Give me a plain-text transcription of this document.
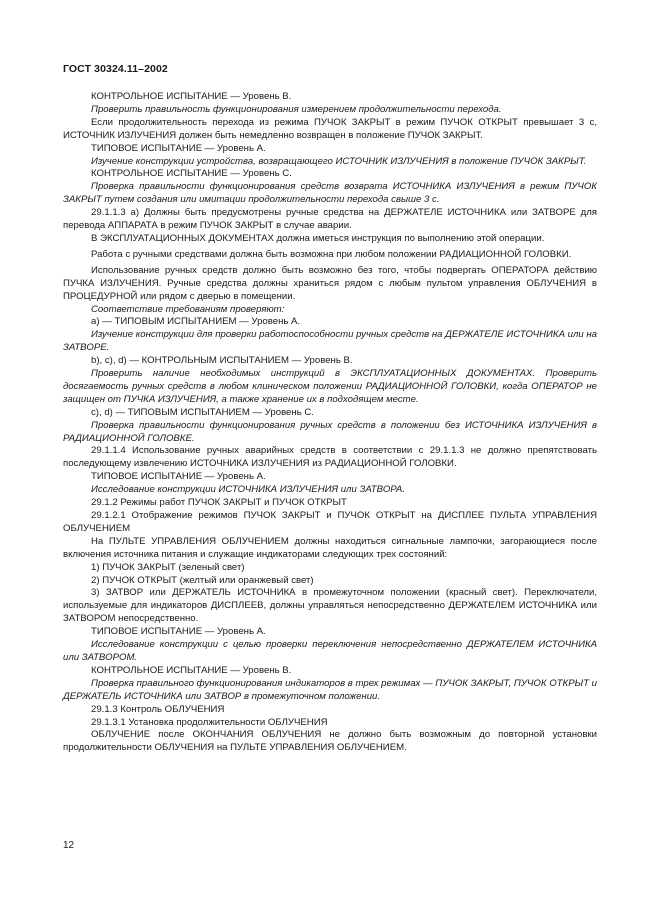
ГОСТ 30324.11–2002

КОНТРОЛЬНОЕ ИСПЫТАНИЕ — Уровень В.

Проверить правильность функционирования измерением продолжительности перехода.

Если продолжительность перехода из режима ПУЧОК ЗАКРЫТ в режим ПУЧОК ОТКРЫТ превышает 3 с, ИСТОЧНИК ИЗЛУЧЕНИЯ должен быть немедленно возвращен в положение ПУЧОК ЗАКРЫТ.

ТИПОВОЕ ИСПЫТАНИЕ — Уровень А.

Изучение конструкции устройства, возвращающего ИСТОЧНИК ИЗЛУЧЕНИЯ в положение ПУЧОК ЗАКРЫТ.

КОНТРОЛЬНОЕ ИСПЫТАНИЕ — Уровень С.

Проверка правильности функционирования средств возврата ИСТОЧНИКА ИЗЛУЧЕНИЯ в режим ПУЧОК ЗАКРЫТ путем создания или имитации продолжительности перехода свыше 3 с.

29.1.1.3 а) Должны быть предусмотрены ручные средства на ДЕРЖАТЕЛЕ ИСТОЧНИКА или ЗАТВОРЕ для перевода АППАРАТА в режим ПУЧОК ЗАКРЫТ в случае аварии.

В ЭКСПЛУАТАЦИОННЫХ ДОКУМЕНТАХ должна иметься инструкция по выполнению этой операции.

Работа с ручными средствами должна быть возможна при любом положении РАДИАЦИОННОЙ ГОЛОВКИ.

Использование ручных средств должно быть возможно без того, чтобы подвергать ОПЕРАТОРА действию ПУЧКА ИЗЛУЧЕНИЯ. Ручные средства должны храниться рядом с любым пультом управления ОБЛУЧЕНИЯ в ПРОЦЕДУРНОЙ или рядом с дверью в помещении.

Соответствие требованиям проверяют:

а) — ТИПОВЫМ ИСПЫТАНИЕМ — Уровень А.

Изучение конструкции для проверки работоспособности ручных средств на ДЕРЖАТЕЛЕ ИСТОЧНИКА или на ЗАТВОРЕ.

b), с), d) — КОНТРОЛЬНЫМ ИСПЫТАНИЕМ — Уровень В.

Проверить наличие необходимых инструкций в ЭКСПЛУАТАЦИОННЫХ ДОКУМЕНТАХ. Проверить досягаемость ручных средств в любом клиническом положении РАДИАЦИОННОЙ ГОЛОВКИ, когда ОПЕРАТОР не защищен от ПУЧКА ИЗЛУЧЕНИЯ, а также хранение их в подходящем месте.

с), d) — ТИПОВЫМ ИСПЫТАНИЕМ — Уровень С.

Проверка правильности функционирования ручных средств в положении без ИСТОЧНИКА ИЗЛУЧЕНИЯ в РАДИАЦИОННОЙ ГОЛОВКЕ.

29.1.1.4 Использование ручных аварийных средств в соответствии с 29.1.1.3 не должно препятствовать последующему извлечению ИСТОЧНИКА ИЗЛУЧЕНИЯ из РАДИАЦИОННОЙ ГОЛОВКИ.

ТИПОВОЕ ИСПЫТАНИЕ — Уровень А.

Исследование конструкции ИСТОЧНИКА ИЗЛУЧЕНИЯ или ЗАТВОРА.

29.1.2 Режимы работ ПУЧОК ЗАКРЫТ и ПУЧОК ОТКРЫТ

29.1.2.1 Отображение режимов ПУЧОК ЗАКРЫТ и ПУЧОК ОТКРЫТ на ДИСПЛЕЕ ПУЛЬТА УПРАВЛЕНИЯ ОБЛУЧЕНИЕМ

На ПУЛЬТЕ УПРАВЛЕНИЯ ОБЛУЧЕНИЕМ должны находиться сигнальные лампочки, загорающиеся после включения источника питания и служащие индикаторами следующих трех состояний:

1) ПУЧОК ЗАКРЫТ (зеленый свет)

2) ПУЧОК ОТКРЫТ (желтый или оранжевый свет)

3) ЗАТВОР или ДЕРЖАТЕЛЬ ИСТОЧНИКА в промежуточном положении (красный свет). Переключатели, используемые для индикаторов ДИСПЛЕЕВ, должны управляться непосредственно ДЕРЖАТЕЛЕМ ИСТОЧНИКА или ЗАТВОРОМ непосредственно.

ТИПОВОЕ ИСПЫТАНИЕ — Уровень А.

Исследование конструкции с целью проверки переключения непосредственно ДЕРЖАТЕЛЕМ ИСТОЧНИКА или ЗАТВОРОМ.

КОНТРОЛЬНОЕ ИСПЫТАНИЕ — Уровень В.

Проверка правильного функционирования индикаторов в трех режимах — ПУЧОК ЗАКРЫТ, ПУЧОК ОТКРЫТ и ДЕРЖАТЕЛЬ ИСТОЧНИКА или ЗАТВОР в промежуточном положении.

29.1.3 Контроль ОБЛУЧЕНИЯ

29.1.3.1 Установка продолжительности ОБЛУЧЕНИЯ

ОБЛУЧЕНИЕ после ОКОНЧАНИЯ ОБЛУЧЕНИЯ не должно быть возможным до повторной установки продолжительности ОБЛУЧЕНИЯ на ПУЛЬТЕ УПРАВЛЕНИЯ ОБЛУЧЕНИЕМ.

12
